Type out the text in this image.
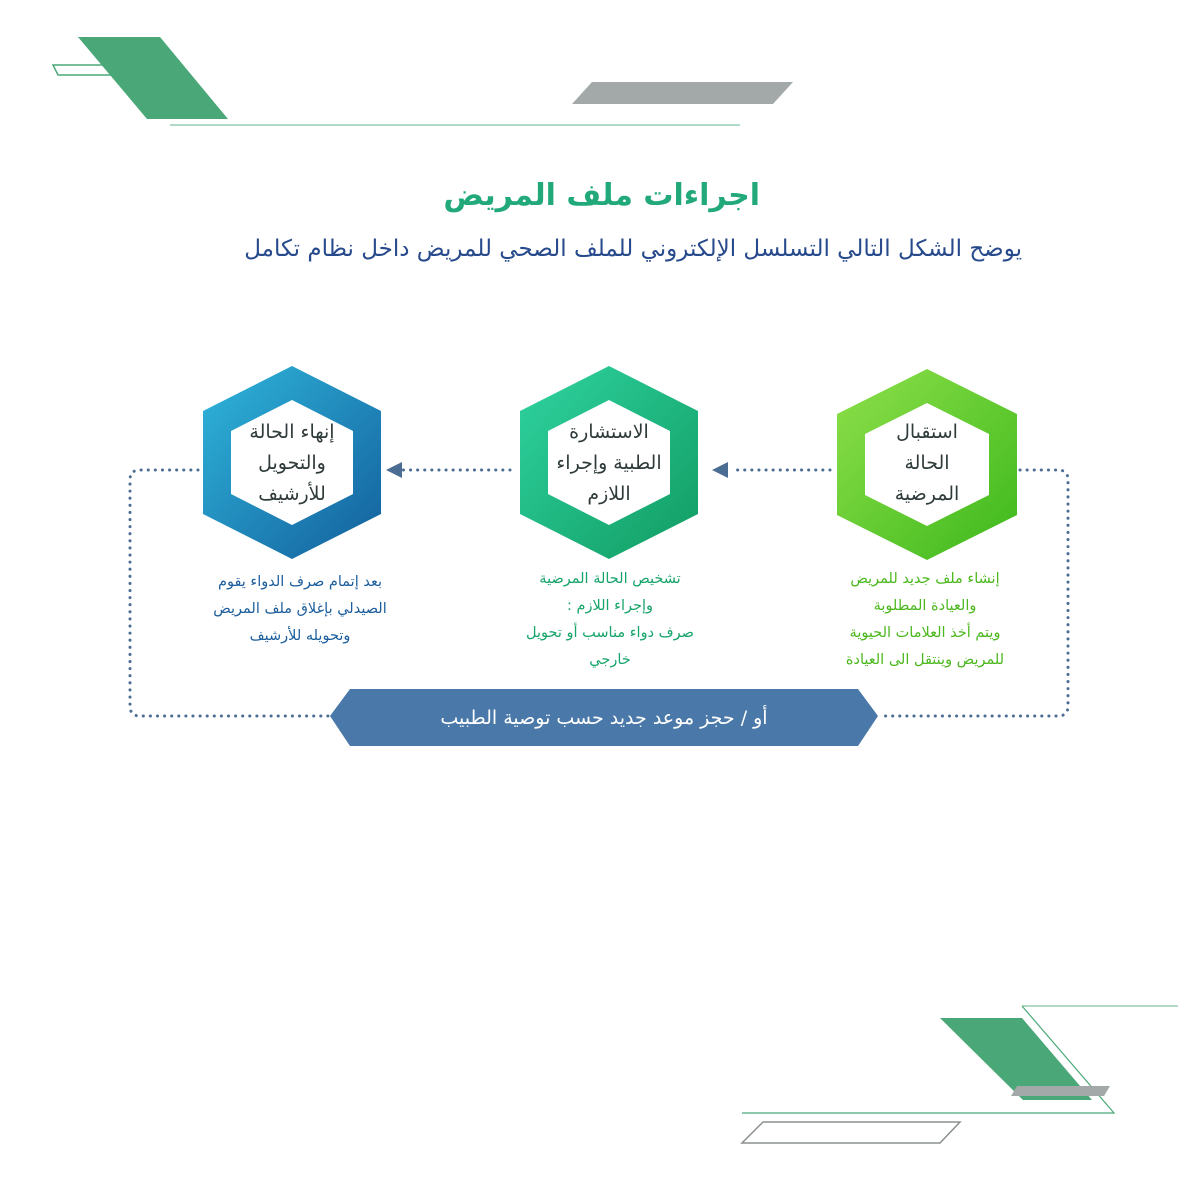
اجراءات ملف المريض
يوضح الشكل التالي التسلسل الإلكتروني للملف الصحي للمريض داخل نظام تكامل
استقبال
الحالة
المرضية
الاستشارة
الطبية وإجراء
اللازم
إنهاء الحالة
والتحويل
للأرشيف
إنشاء ملف جديد للمريض
والعيادة المطلوبة
ويتم أخذ العلامات الحيوية
للمريض وينتقل الى العيادة
تشخيص الحالة المرضية
وإجراء اللازم :
صرف دواء مناسب أو تحويل
خارجي
بعد إتمام صرف الدواء يقوم
الصيدلي بإغلاق ملف المريض
وتحويله للأرشيف
أو / حجز موعد جديد حسب توصية الطبيب
